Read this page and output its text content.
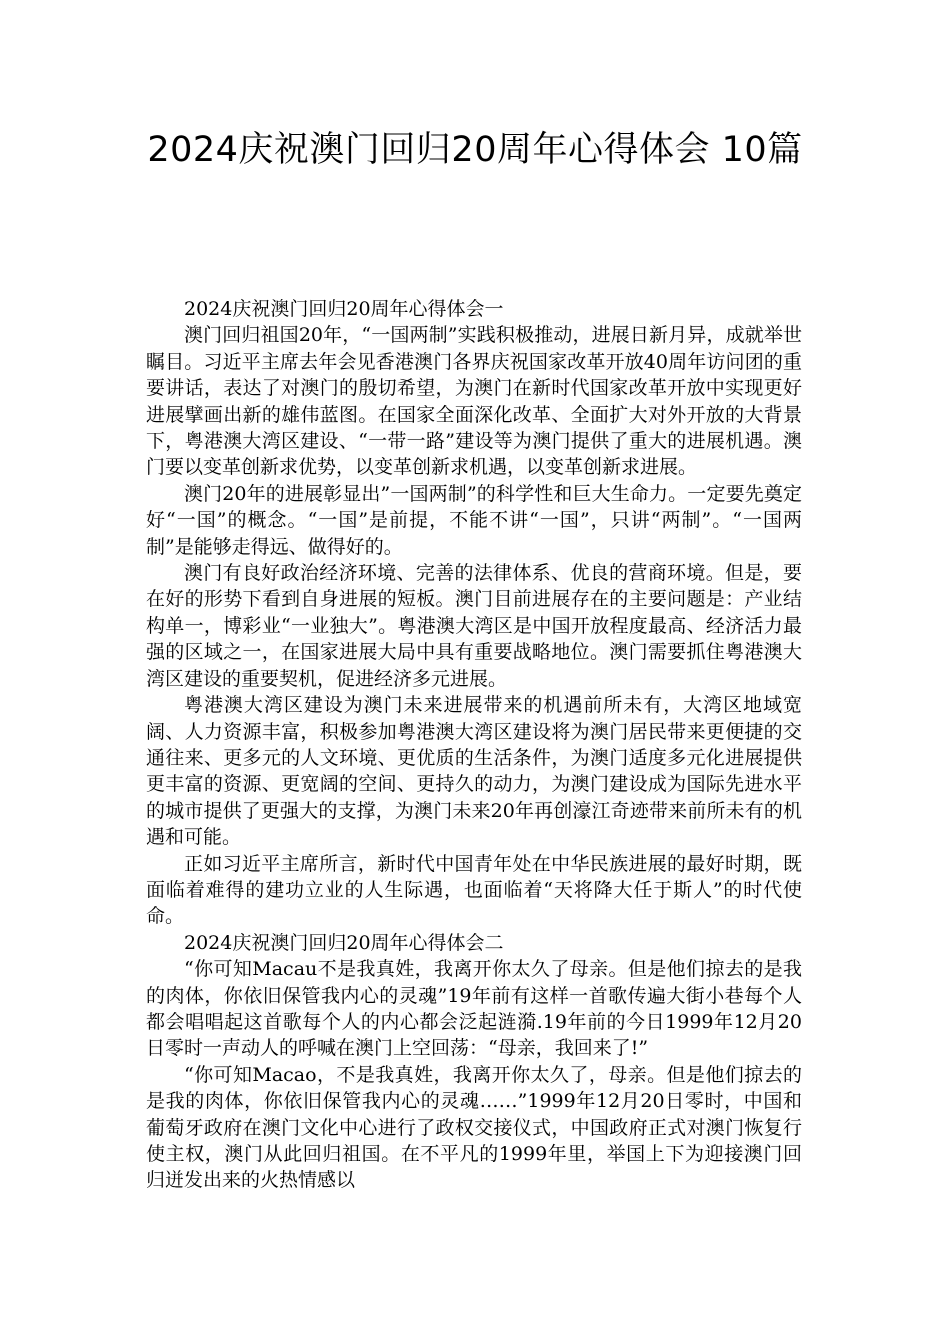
2024庆祝澳门回归20周年心得体会 10篇

2024庆祝澳门回归20周年心得体会一

澳门回归祖国20年，“一国两制”实践积极推动，进展日新月异，成就举世瞩目。习近平主席去年会见香港澳门各界庆祝国家改革开放40周年访问团的重要讲话，表达了对澳门的殷切希望，为澳门在新时代国家改革开放中实现更好进展擘画出新的雄伟蓝图。在国家全面深化改革、全面扩大对外开放的大背景下，粤港澳大湾区建设、“一带一路”建设等为澳门提供了重大的进展机遇。澳门要以变革创新求优势，以变革创新求机遇，以变革创新求进展。

澳门20年的进展彰显出”一国两制”的科学性和巨大生命力。一定要先奠定好“一国”的概念。“一国”是前提，不能不讲“一国”，只讲“两制”。“一国两制”是能够走得远、做得好的。

澳门有良好政治经济环境、完善的法律体系、优良的营商环境。但是，要在好的形势下看到自身进展的短板。澳门目前进展存在的主要问题是：产业结构单一，博彩业“一业独大”。粤港澳大湾区是中国开放程度最高、经济活力最强的区域之一，在国家进展大局中具有重要战略地位。澳门需要抓住粤港澳大湾区建设的重要契机，促进经济多元进展。

粤港澳大湾区建设为澳门未来进展带来的机遇前所未有，大湾区地域宽阔、人力资源丰富，积极参加粤港澳大湾区建设将为澳门居民带来更便捷的交通往来、更多元的人文环境、更优质的生活条件，为澳门适度多元化进展提供更丰富的资源、更宽阔的空间、更持久的动力，为澳门建设成为国际先进水平的城市提供了更强大的支撑，为澳门未来20年再创濠江奇迹带来前所未有的机遇和可能。

正如习近平主席所言，新时代中国青年处在中华民族进展的最好时期，既面临着难得的建功立业的人生际遇，也面临着“天将降大任于斯人”的时代使命。

2024庆祝澳门回归20周年心得体会二

“你可知Macau不是我真姓，我离开你太久了母亲。但是他们掠去的是我的肉体，你依旧保管我内心的灵魂”19年前有这样一首歌传遍大街小巷每个人都会唱唱起这首歌每个人的内心都会泛起涟漪.19年前的今日1999年12月20日零时一声动人的呼喊在澳门上空回荡：“母亲，我回来了!”

“你可知Macao，不是我真姓，我离开你太久了，母亲。但是他们掠去的是我的肉体，你依旧保管我内心的灵魂……”1999年12月20日零时，中国和葡萄牙政府在澳门文化中心进行了政权交接仪式，中国政府正式对澳门恢复行使主权，澳门从此回归祖国。在不平凡的1999年里，举国上下为迎接澳门回归迸发出来的火热情感以
